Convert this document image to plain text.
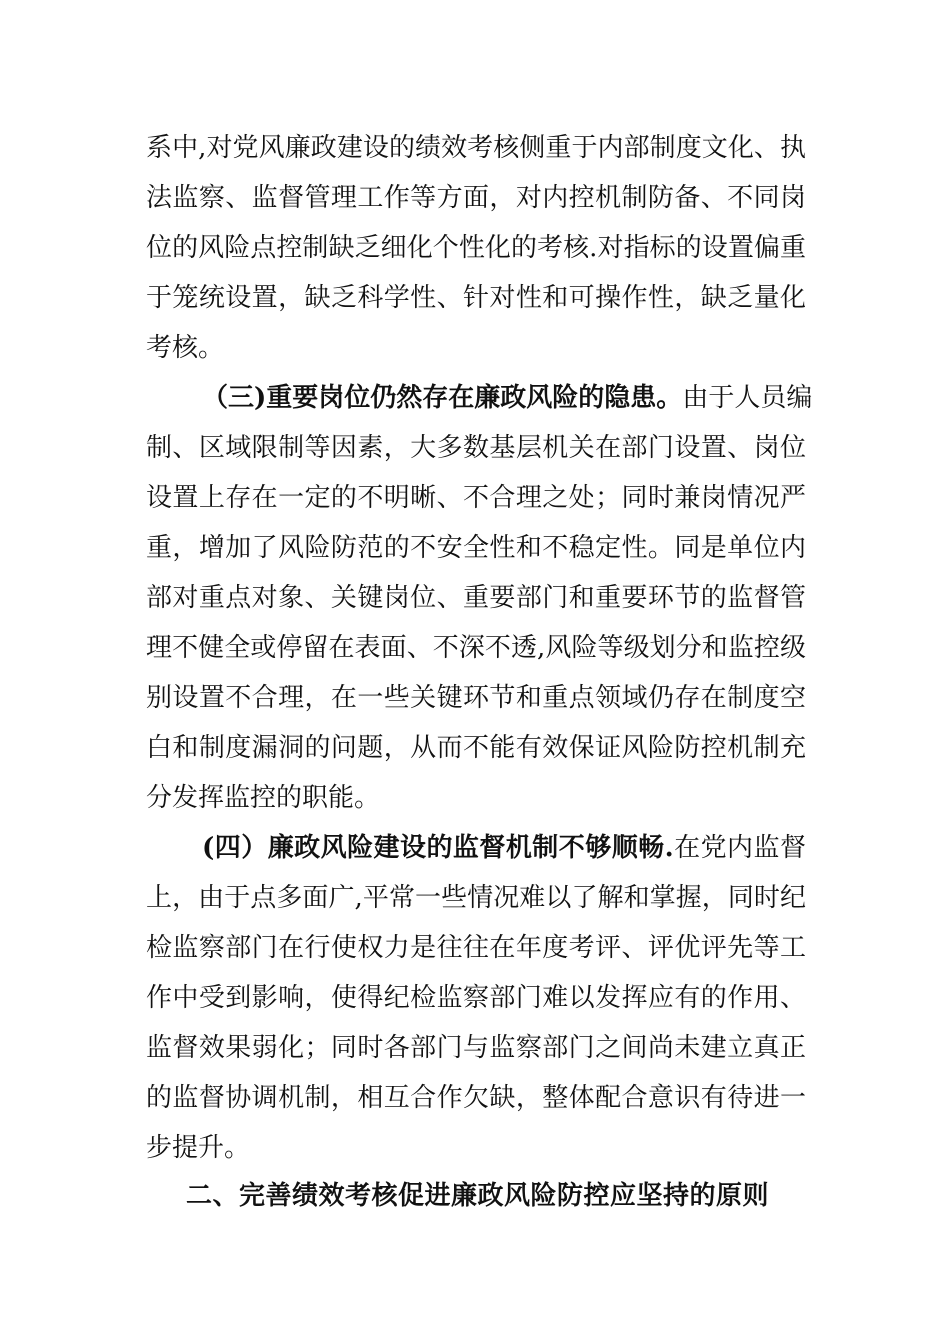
系中,对党风廉政建设的绩效考核侧重于内部制度文化、执
法监察、监督管理工作等方面，对内控机制防备、不同岗
位的风险点控制缺乏细化个性化的考核.对指标的设置偏重
于笼统设置，缺乏科学性、针对性和可操作性，缺乏量化
考核。
（三)重要岗位仍然存在廉政风险的隐患。由于人员编
制、区域限制等因素，大多数基层机关在部门设置、岗位
设置上存在一定的不明晰、不合理之处；同时兼岗情况严
重，增加了风险防范的不安全性和不稳定性。同是单位内
部对重点对象、关键岗位、重要部门和重要环节的监督管
理不健全或停留在表面、不深不透,风险等级划分和监控级
别设置不合理，在一些关键环节和重点领域仍存在制度空
白和制度漏洞的问题，从而不能有效保证风险防控机制充
分发挥监控的职能。
(四）廉政风险建设的监督机制不够顺畅.在党内监督
上，由于点多面广,平常一些情况难以了解和掌握，同时纪
检监察部门在行使权力是往往在年度考评、评优评先等工
作中受到影响，使得纪检监察部门难以发挥应有的作用、
监督效果弱化；同时各部门与监察部门之间尚未建立真正
的监督协调机制，相互合作欠缺，整体配合意识有待进一
步提升。
二、完善绩效考核促进廉政风险防控应坚持的原则
